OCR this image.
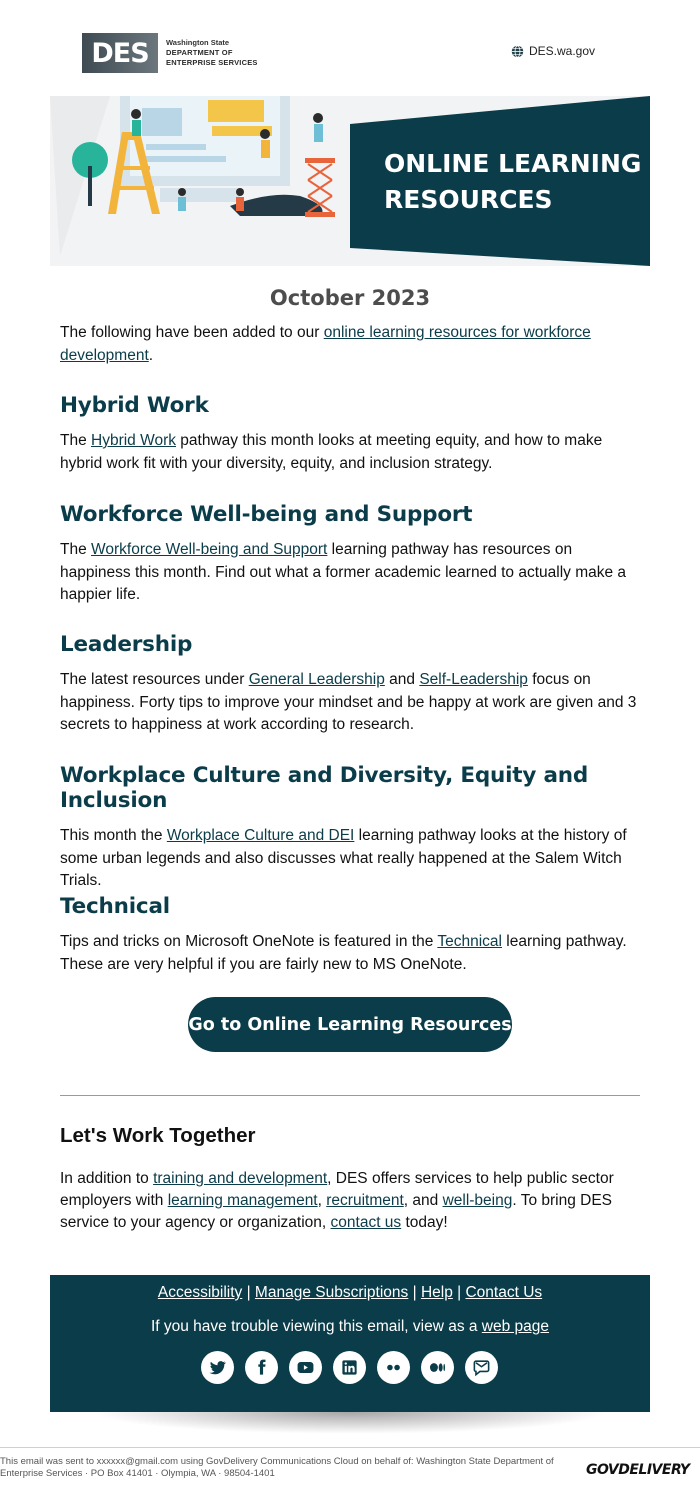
DES	Washington State
DEPARTMENT OF
ENTERPRISE SERVICES
DES.wa.gov
ONLINE LEARNING
RESOURCES
October 2023

The following have been added to our online learning resources for workforce development.

Hybrid Work

The Hybrid Work pathway this month looks at meeting equity, and how to make hybrid work fit with your diversity, equity, and inclusion strategy.

Workforce Well-being and Support

The Workforce Well-being and Support learning pathway has resources on happiness this month. Find out what a former academic learned to actually make a happier life.

Leadership

The latest resources under General Leadership and Self-Leadership focus on happiness. Forty tips to improve your mindset and be happy at work are given and 3 secrets to happiness at work according to research.

Workplace Culture and Diversity, Equity and Inclusion

This month the Workplace Culture and DEI learning pathway looks at the history of some urban legends and also discusses what really happened at the Salem Witch Trials.

Technical

Tips and tricks on Microsoft OneNote is featured in the Technical learning pathway. These are very helpful if you are fairly new to MS OneNote.

Go to Online Learning Resources
Let's Work Together

In addition to training and development, DES offers services to help public sector employers with learning management, recruitment, and well-being. To bring DES service to your agency or organization, contact us today!

Accessibility | Manage Subscriptions | Help | Contact Us
If you have trouble viewing this email, view as a web page
This email was sent to xxxxxx@gmail.com using GovDelivery Communications Cloud on behalf of: Washington State Department of Enterprise Services · PO Box 41401 · Olympia, WA · 98504-1401	GOVDELIVERY
